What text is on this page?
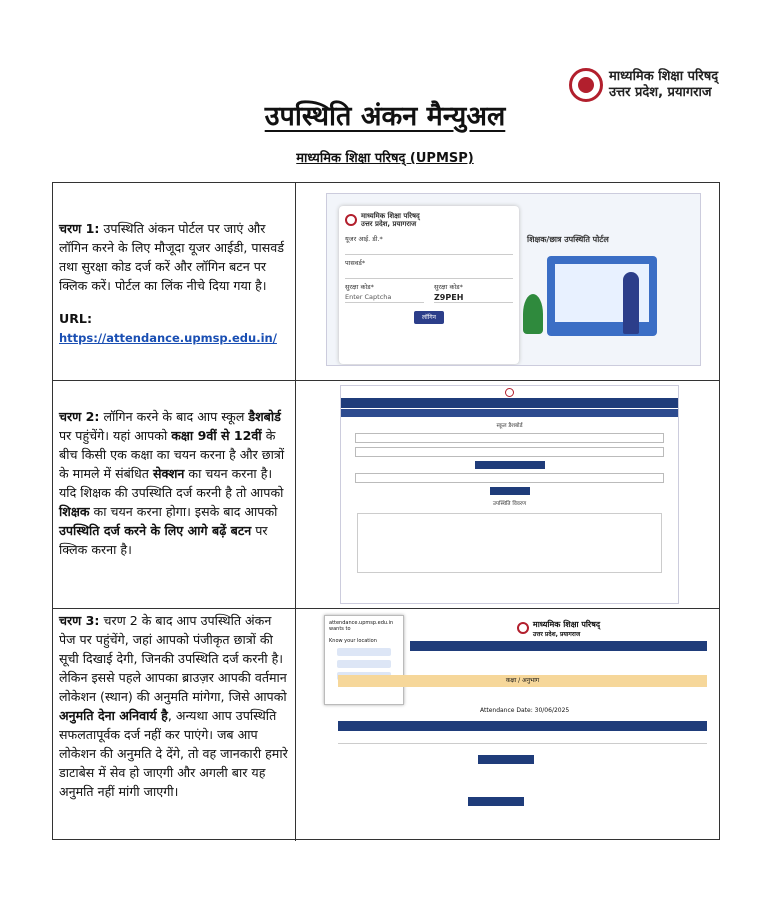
माध्यमिक शिक्षा परिषद्
उत्तर प्रदेश, प्रयागराज
उपस्थिति अंकन मैन्युअल
माध्यमिक शिक्षा परिषद् (UPMSP)
चरण 1: उपस्थिति अंकन पोर्टल पर जाएं और लॉगिन करने के लिए मौजूदा यूजर आईडी, पासवर्ड तथा सुरक्षा कोड दर्ज करें और लॉगिन बटन पर क्लिक करें। पोर्टल का लिंक नीचे दिया गया है।
URL: https://attendance.upmsp.edu.in/
माध्यमिक शिक्षा परिषद्
उत्तर प्रदेश, प्रयागराज
यूजर आई. डी.*
पासवर्ड*
सुरक्षा कोड*
Enter Captcha
सुरक्षा कोड*
Z9PEH
लॉगिन
शिक्षक/छात्र उपस्थिति पोर्टल
चरण 2: लॉगिन करने के बाद आप स्कूल डैशबोर्ड पर पहुंचेंगे। यहां आपको कक्षा 9वीं से 12वीं के बीच किसी एक कक्षा का चयन करना है और छात्रों के मामले में संबंधित सेक्शन का चयन करना है। यदि शिक्षक की उपस्थिति दर्ज करनी है तो आपको शिक्षक का चयन करना होगा। इसके बाद आपको उपस्थिति दर्ज करने के लिए आगे बढ़ें बटन पर क्लिक करना है।
स्कूल डैशबोर्ड
उपस्थिति विवरण
चरण 3: चरण 2 के बाद आप उपस्थिति अंकन पेज पर पहुंचेंगे, जहां आपको पंजीकृत छात्रों की सूची दिखाई देगी, जिनकी उपस्थिति दर्ज करनी है। लेकिन इससे पहले आपका ब्राउज़र आपकी वर्तमान लोकेशन (स्थान) की अनुमति मांगेगा, जिसे आपको अनुमति देना अनिवार्य है, अन्यथा आप उपस्थिति सफलतापूर्वक दर्ज नहीं कर पाएंगे। जब आप लोकेशन की अनुमति दे देंगे, तो वह जानकारी हमारे डाटाबेस में सेव हो जाएगी और अगली बार यह अनुमति नहीं मांगी जाएगी।
attendance.upmsp.edu.in wants to
Know your location
माध्यमिक शिक्षा परिषद्
उत्तर प्रदेश, प्रयागराज
कक्षा / अनुभाग
Attendance Date: 30/06/2025
